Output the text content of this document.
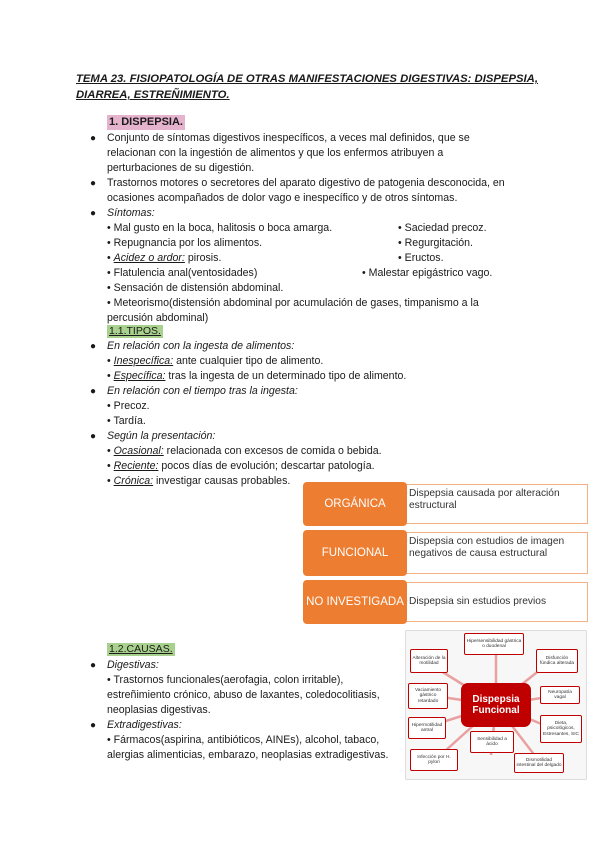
TEMA 23. FISIOPATOLOGÍA DE OTRAS MANIFESTACIONES DIGESTIVAS: DISPEPSIA, DIARREA, ESTREÑIMIENTO.
1. DISPEPSIA.
● Conjunto de síntomas digestivos inespecíficos, a veces mal definidos, que se
relacionan con la ingestión de alimentos y que los enfermos atribuyen a
perturbaciones de su digestión.
● Trastornos motores o secretores del aparato digestivo de patogenia desconocida, en
ocasiones acompañados de dolor vago e inespecífico y de otros síntomas.
● Síntomas:
• Mal gusto en la boca, halitosis o boca amarga.	• Saciedad precoz.
• Repugnancia por los alimentos.	• Regurgitación.
• Acidez o ardor: pirosis.	• Eructos.
• Flatulencia anal(ventosidades)	• Malestar epigástrico vago.
• Sensación de distensión abdominal.
• Meteorismo(distensión abdominal por acumulación de gases, timpanismo a la
percusión abdominal)
1.1.TIPOS.
● En relación con la ingesta de alimentos:
• Inespecífica: ante cualquier tipo de alimento.
• Específica: tras la ingesta de un determinado tipo de alimento.
● En relación con el tiempo tras la ingesta:
• Precoz.
• Tardía.
● Según la presentación:
• Ocasional: relacionada con excesos de comida o bebida.
• Reciente: pocos días de evolución; descartar patología.
• Crónica: investigar causas probables.
Dispepsia causada por alteración estructural
ORGÁNICA
Dispepsia con estudios de imagen negativos de causa estructural
FUNCIONAL
Dispepsia sin estudios previos
NO INVESTIGADA
1.2.CAUSAS.
● Digestivas:
• Trastornos funcionales(aerofagia, colon irritable),
estreñimiento crónico, abuso de laxantes, coledocolitiasis,
neoplasias digestivas.
● Extradigestivas:
• Fármacos(aspirina, antibióticos, AINEs), alcohol, tabaco,
alergias alimenticias, embarazo, neoplasias extradigestivas.
Hipersensibilidad gástrica o duodenal
Disfunción fúndica alterada
Neuropatía vagal
Dieta, psicológicos, Estresantes, SIC
Dismotilidad intestinal del delgado
Sensibilidad a ácido
Infección por H. pylori
Hipermotilidad antral
Vaciamiento gástrico retardado
Alteración de la motilidad
Dispepsia Funcional
